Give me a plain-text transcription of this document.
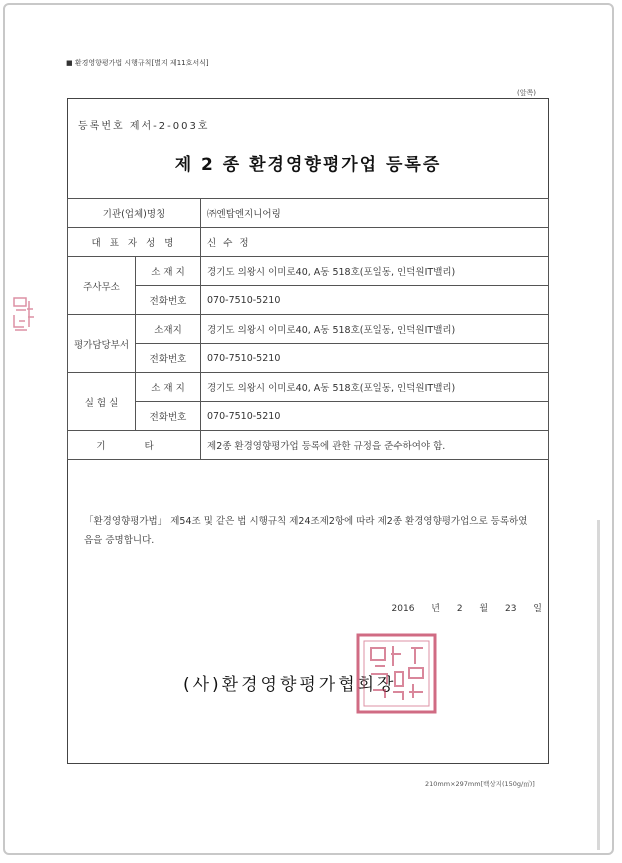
■ 환경영향평가법 시행규칙[별지 제11호서식]
(앞쪽)
등록번호 제서-2-003호
제 2 종 환경영향평가업 등록증
기관(업체)명칭		㈜엔탑엔지니어링
대 표 자 성 명		신 수 정
주사무소	소 재 지	경기도 의왕시 이미로40, A동 518호(포일동, 인덕원IT밸리)
	전화번호	070-7510-5210
평가담당부서	소재지	경기도 의왕시 이미로40, A동 518호(포일동, 인덕원IT밸리)
	전화번호	070-7510-5210
실 험 실	소 재 지	경기도 의왕시 이미로40, A동 518호(포일동, 인덕원IT밸리)
	전화번호	070-7510-5210
기 타		제2종 환경영향평가업 등록에 관한 규정을 준수하여야 함.
「환경영향평가법」 제54조 및 같은 법 시행규칙 제24조제2항에 따라 제2종 환경영향평가업으로 등록하였음을 증명합니다.
2016 년 2 월 23 일
(사)환경영향평가협회장
210mm×297mm[백상지(150g/㎡)]
